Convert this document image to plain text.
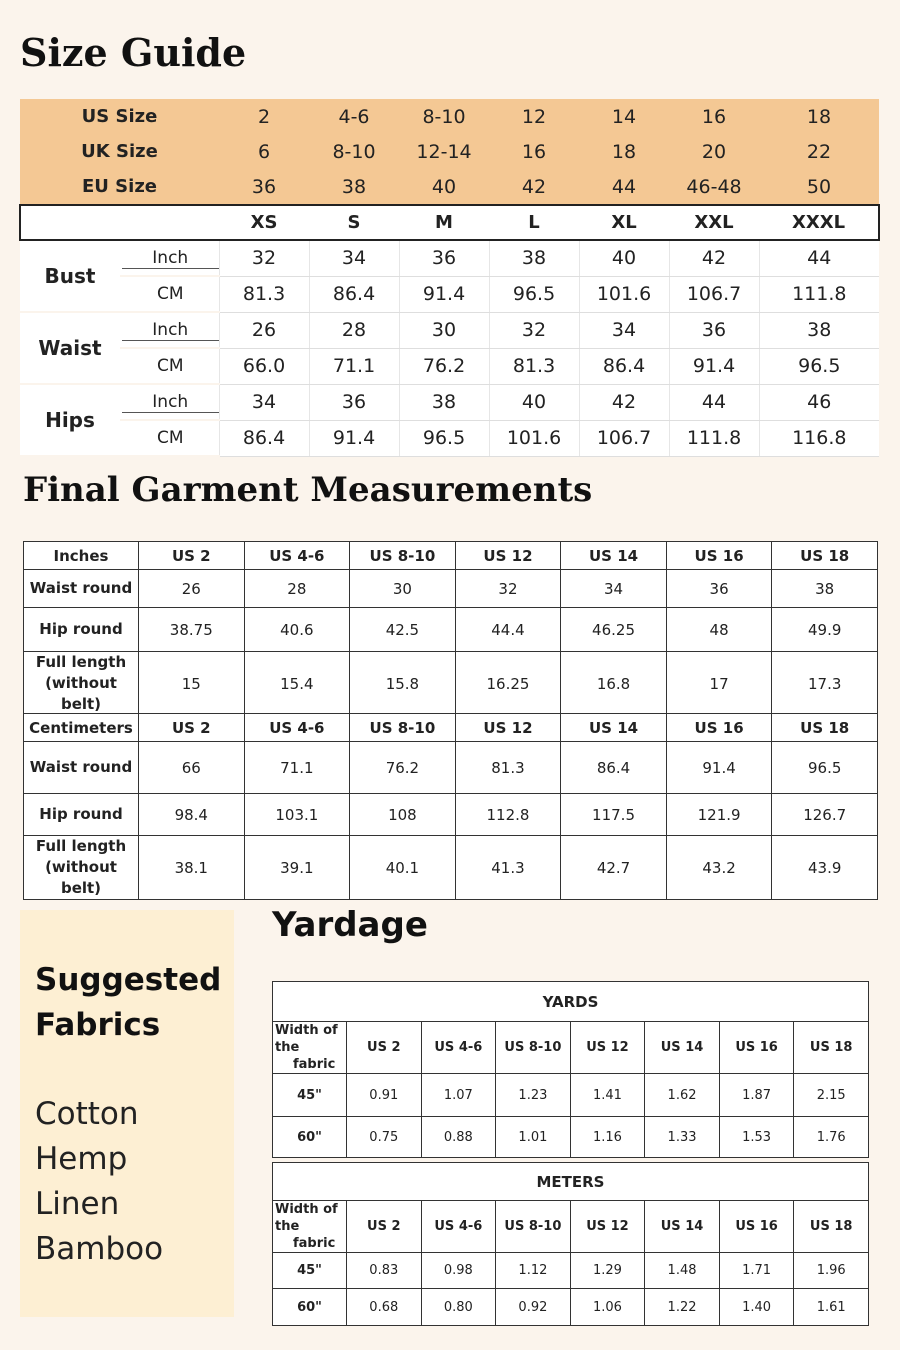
Size Guide
US Size		2	4-6	8-10	12	14	16	18
UK Size		6	8-10	12-14	16	18	20	22
EU Size		36	38	40	42	44	46-48	50
		XS	S	M	L	XL	XXL	XXXL
Bust	Inch	32	34	36	38	40	42	44

	CM	81.3	86.4	91.4	96.5	101.6	106.7	111.8
Waist	Inch	26	28	30	32	34	36	38

	CM	66.0	71.1	76.2	81.3	86.4	91.4	96.5
Hips	Inch	34	36	38	40	42	44	46

	CM	86.4	91.4	96.5	101.6	106.7	111.8	116.8
Final Garment Measurements
Inches	US 2	US 4-6	US 8-10	US 12	US 14	US 16	US 18
Waist round	26	28	30	32	34	36	38
Hip round	38.75	40.6	42.5	44.4	46.25	48	49.9
Full length
(without belt)	15	15.4	15.8	16.25	16.8	17	17.3
Centimeters	US 2	US 4-6	US 8-10	US 12	US 14	US 16	US 18
Waist round	66	71.1	76.2	81.3	86.4	91.4	96.5
Hip round	98.4	103.1	108	112.8	117.5	121.9	126.7
Full length
(without belt)	38.1	39.1	40.1	41.3	42.7	43.2	43.9
Suggested
Fabrics
Cotton
Hemp
Linen
Bamboo
Yardage
YARDS							
Width of the
fabric	US 2	US 4-6	US 8-10	US 12	US 14	US 16	US 18
45"	0.91	1.07	1.23	1.41	1.62	1.87	2.15
60"	0.75	0.88	1.01	1.16	1.33	1.53	1.76
METERS							
Width of the
fabric	US 2	US 4-6	US 8-10	US 12	US 14	US 16	US 18
45"	0.83	0.98	1.12	1.29	1.48	1.71	1.96
60"	0.68	0.80	0.92	1.06	1.22	1.40	1.61
